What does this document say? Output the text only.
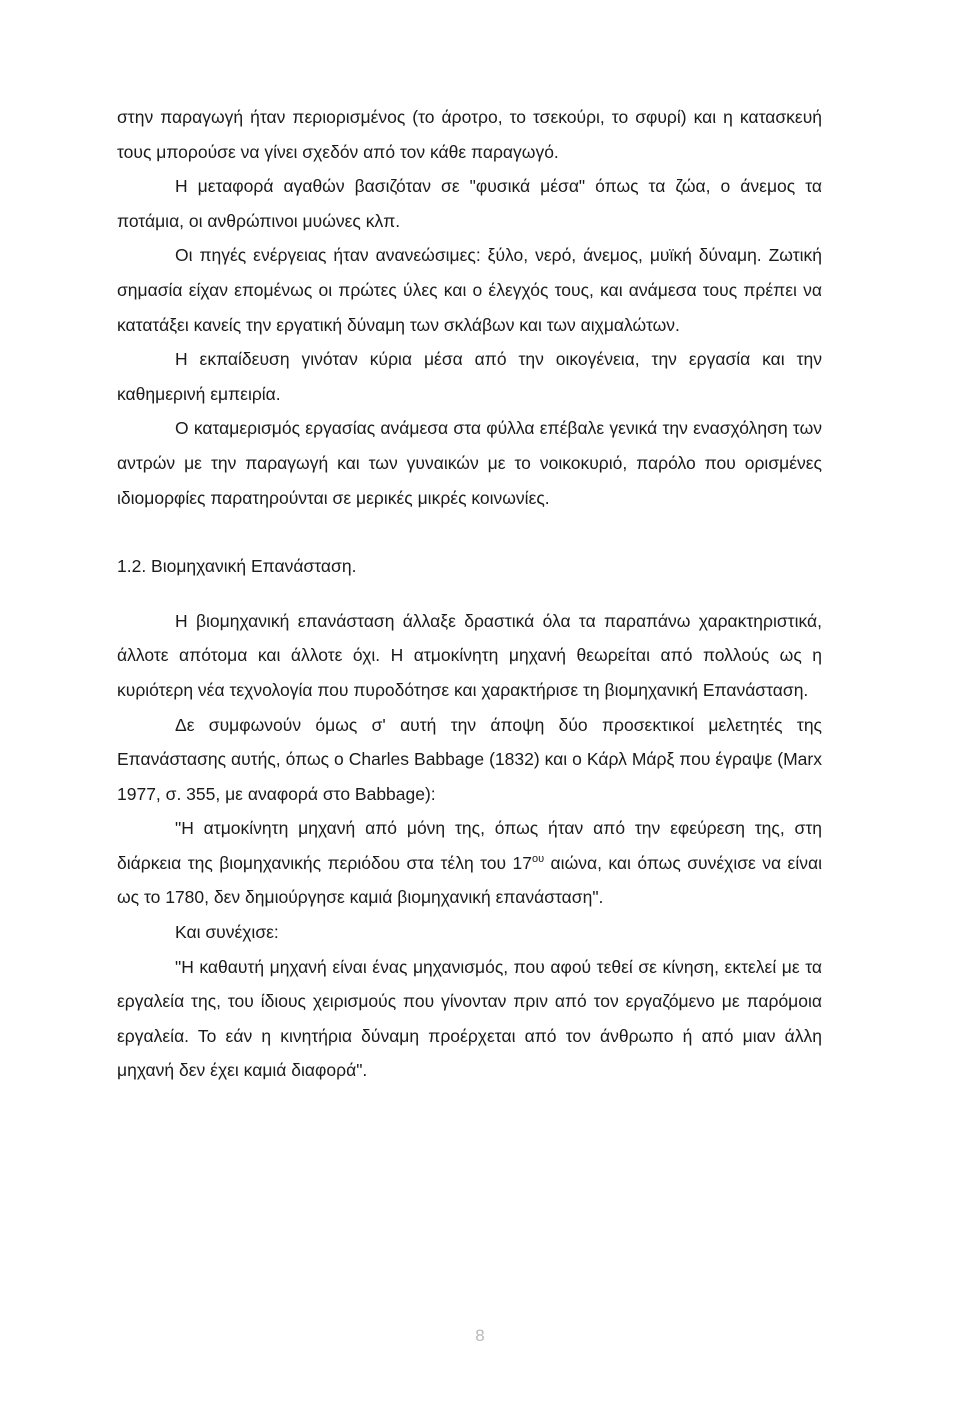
στην παραγωγή ήταν περιορισμένος (το άροτρο, το τσεκούρι, το σφυρί) και η κατασκευή τους μπορούσε να γίνει σχεδόν από τον κάθε παραγωγό.

Η μεταφορά αγαθών βασιζόταν σε "φυσικά μέσα" όπως τα ζώα, ο άνεμος τα ποτάμια, οι ανθρώπινοι μυώνες κλπ.

Οι πηγές ενέργειας ήταν ανανεώσιμες: ξύλο, νερό, άνεμος, μυϊκή δύναμη. Ζωτική σημασία είχαν επομένως οι πρώτες ύλες και ο έλεγχός τους, και ανάμεσα τους πρέπει να κατατάξει κανείς την εργατική δύναμη των σκλάβων και των αιχμαλώτων.

Η εκπαίδευση γινόταν κύρια μέσα από την οικογένεια, την εργασία και την καθημερινή εμπειρία.

Ο καταμερισμός εργασίας ανάμεσα στα φύλλα επέβαλε γενικά την ενασχόληση των αντρών με την παραγωγή και των γυναικών με το νοικοκυριό, παρόλο που ορισμένες ιδιομορφίες παρατηρούνται σε μερικές μικρές κοινωνίες.

1.2. Βιομηχανική Επανάσταση.

Η βιομηχανική επανάσταση άλλαξε δραστικά όλα τα παραπάνω χαρακτηριστικά, άλλοτε απότομα και άλλοτε όχι. Η ατμοκίνητη μηχανή θεωρείται από πολλούς ως η κυριότερη νέα τεχνολογία που πυροδότησε και χαρακτήρισε τη βιομηχανική Επανάσταση.

Δε συμφωνούν όμως σ' αυτή την άποψη δύο προσεκτικοί μελετητές της Επανάστασης αυτής, όπως ο Charles Babbage (1832) και ο Κάρλ Μάρξ που έγραψε (Marx 1977, σ. 355, με αναφορά στο Babbage):

"Η ατμοκίνητη μηχανή από μόνη της, όπως ήταν από την εφεύρεση της, στη διάρκεια της βιομηχανικής περιόδου στα τέλη του $17^{o\upsilon}$ αιώνα, και όπως συνέχισε να είναι ως το 1780, δεν δημιούργησε καμιά βιομηχανική επανάσταση".

Και συνέχισε:

"Η καθαυτή μηχανή είναι ένας μηχανισμός, που αφού τεθεί σε κίνηση, εκτελεί με τα εργαλεία της, του ίδιους χειρισμούς που γίνονταν πριν από τον εργαζόμενο με παρόμοια εργαλεία. Το εάν η κινητήρια δύναμη προέρχεται από τον άνθρωπο ή από μιαν άλλη μηχανή δεν έχει καμιά διαφορά".

8
